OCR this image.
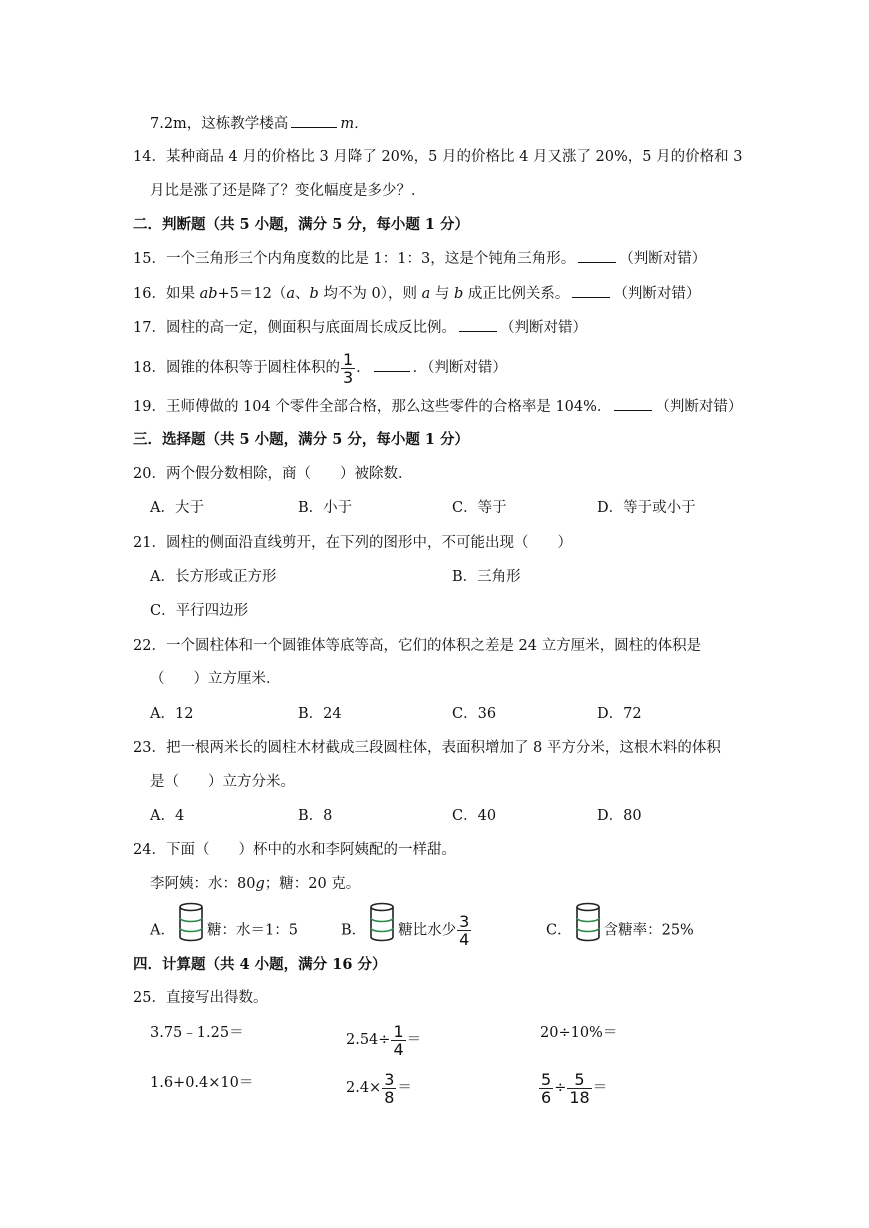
7.2m，这栋教学楼高	m．
14．某种商品 4 月的价格比 3 月降了 20%，5 月的价格比 4 月又涨了 20%，5 月的价格和 3
月比是涨了还是降了？变化幅度是多少？．
二．判断题（共 5 小题，满分 5 分，每小题 1 分）
15．一个三角形三个内角度数的比是 1：1：3，这是个钝角三角形。	（判断对错）
16．如果 ab+5＝12（a、b 均不为 0），则 a 与 b 成正比例关系。	（判断对错）
17．圆柱的高一定，侧面积与底面周长成反比例。	（判断对错）
18．圆锥的体积等于圆柱体积的 $\frac{1}{3}$ ．	．（判断对错）
19．王师傅做的 104 个零件全部合格，那么这些零件的合格率是 104%．	（判断对错）
三．选择题（共 5 小题，满分 5 分，每小题 1 分）
20．两个假分数相除，商（　　）被除数．
A．大于	B．小于	C．等于	D．等于或小于
21．圆柱的侧面沿直线剪开，在下列的图形中，不可能出现（　　）
A．长方形或正方形	B．三角形
C．平行四边形
22．一个圆柱体和一个圆锥体等底等高，它们的体积之差是 24 立方厘米，圆柱的体积是
（　　）立方厘米．
A．12	B．24	C．36	D．72
23．把一根两米长的圆柱木材截成三段圆柱体，表面积增加了 8 平方分米，这根木料的体积
是（　　）立方分米。
A．4	B．8	C．40	D．80
24．下面（　　）杯中的水和李阿姨配的一样甜。
李阿姨：水：80g；糖：20 克。
A． 糖：水＝1：5	B． 糖比水少 $\frac{3}{4}$	C． 含糖率：25%
四．计算题（共 4 小题，满分 16 分）
25．直接写出得数。
3.75﹣1.25＝	$2.54\div \frac{1}{4}$ ＝	20÷10%＝
1.6+0.4×10＝	$2.4\times \frac{3}{8}$ ＝	$\frac{5}{6} \div \frac{5}{18}$ ＝
